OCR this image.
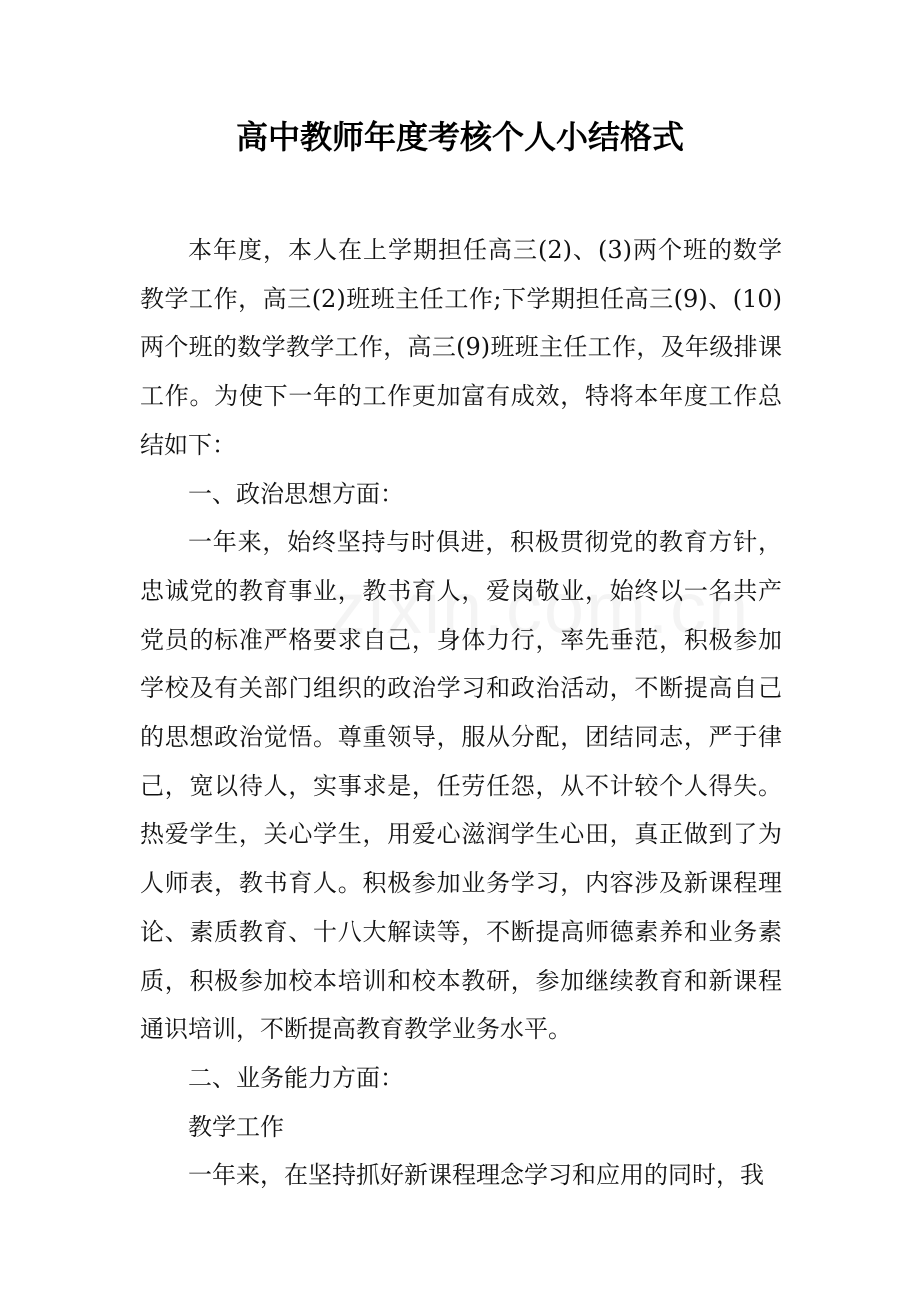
高中教师年度考核个人小结格式

本年度，本人在上学期担任高三(2)、(3)两个班的数学教学工作，高三(2)班班主任工作;下学期担任高三(9)、(10)两个班的数学教学工作，高三(9)班班主任工作，及年级排课工作。为使下一年的工作更加富有成效，特将本年度工作总结如下：

一、政治思想方面：

一年来，始终坚持与时俱进，积极贯彻党的教育方针，忠诚党的教育事业，教书育人，爱岗敬业，始终以一名共产党员的标准严格要求自己，身体力行，率先垂范，积极参加学校及有关部门组织的政治学习和政治活动，不断提高自己的思想政治觉悟。尊重领导，服从分配，团结同志，严于律己，宽以待人，实事求是，任劳任怨，从不计较个人得失。热爱学生，关心学生，用爱心滋润学生心田，真正做到了为人师表，教书育人。积极参加业务学习，内容涉及新课程理论、素质教育、十八大解读等，不断提高师德素养和业务素质，积极参加校本培训和校本教研，参加继续教育和新课程通识培训，不断提高教育教学业务水平。

二、业务能力方面：

教学工作

一年来，在坚持抓好新课程理念学习和应用的同时，我
